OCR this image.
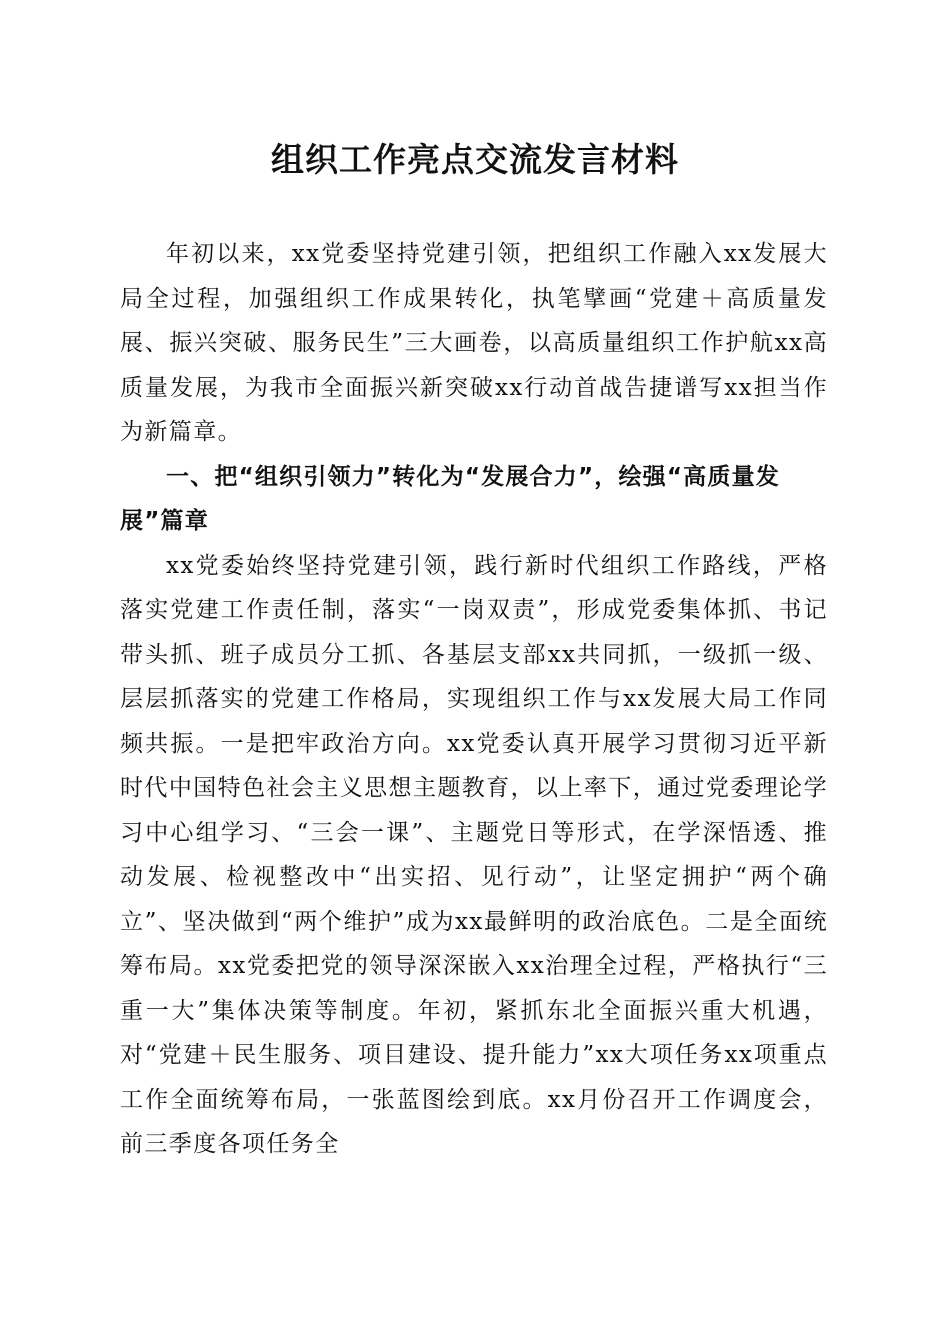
组织工作亮点交流发言材料

年初以来，xx党委坚持党建引领，把组织工作融入xx发展大局全过程，加强组织工作成果转化，执笔擘画“党建＋高质量发展、振兴突破、服务民生”三大画卷，以高质量组织工作护航xx高质量发展，为我市全面振兴新突破xx行动首战告捷谱写xx担当作为新篇章。

一、把“组织引领力”转化为“发展合力”，绘强“高质量发展”篇章

xx党委始终坚持党建引领，践行新时代组织工作路线，严格落实党建工作责任制，落实“一岗双责”，形成党委集体抓、书记带头抓、班子成员分工抓、各基层支部xx共同抓，一级抓一级、层层抓落实的党建工作格局，实现组织工作与xx发展大局工作同频共振。一是把牢政治方向。xx党委认真开展学习贯彻习近平新时代中国特色社会主义思想主题教育，以上率下，通过党委理论学习中心组学习、“三会一课”、主题党日等形式，在学深悟透、推动发展、检视整改中“出实招、见行动”，让坚定拥护“两个确立”、坚决做到“两个维护”成为xx最鲜明的政治底色。二是全面统筹布局。xx党委把党的领导深深嵌入xx治理全过程，严格执行“三重一大”集体决策等制度。年初，紧抓东北全面振兴重大机遇，对“党建＋民生服务、项目建设、提升能力”xx大项任务xx项重点工作全面统筹布局，一张蓝图绘到底。xx月份召开工作调度会，前三季度各项任务全
